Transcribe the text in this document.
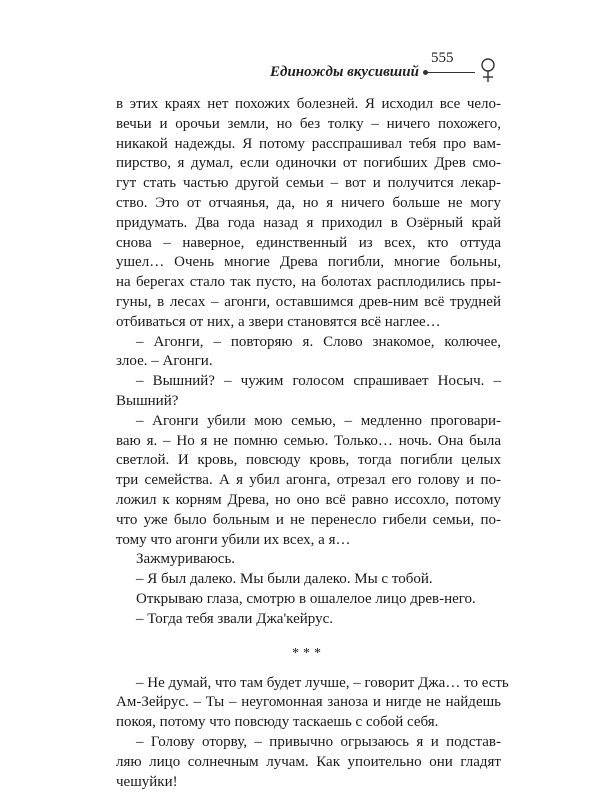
Единожды вкусивший
555
в этих краях нет похожих болезней. Я исходил все чело-
вечьи и орочьи земли, но без толку – ничего похожего,
никакой надежды. Я потому расспрашивал тебя про вам-
пирство, я думал, если одиночки от погибших Древ смо-
гут стать частью другой семьи – вот и получится лекар-
ство. Это от отчаянья, да, но я ничего больше не могу
придумать. Два года назад я приходил в Озёрный край
снова – наверное, единственный из всех, кто оттуда
ушел… Очень многие Древа погибли, многие больны,
на берегах стало так пусто, на болотах расплодились пры-
гуны, в лесах – агонги, оставшимся древ-ним всё трудней
отбиваться от них, а звери становятся всё наглее…
– Агонги, – повторяю я. Слово знакомое, колючее,
злое. – Агонги.
– Вышний? – чужим голосом спрашивает Носыч. –
Вышний?
– Агонги убили мою семью, – медленно проговари-
ваю я. – Но я не помню семью. Только… ночь. Она была
светлой. И кровь, повсюду кровь, тогда погибли целых
три семейства. А я убил агонга, отрезал его голову и по-
ложил к корням Древа, но оно всё равно иссохло, потому
что уже было больным и не перенесло гибели семьи, по-
тому что агонги убили их всех, а я…
Зажмуриваюсь.
– Я был далеко. Мы были далеко. Мы с тобой.
Открываю глаза, смотрю в ошалелое лицо древ-него.
– Тогда тебя звали Джа'кейрус.
***
– Не думай, что там будет лучше, – говорит Джа… то есть
Ам-Зейрус. – Ты – неугомонная заноза и нигде не найдешь
покоя, потому что повсюду таскаешь с собой себя.
– Голову оторву, – привычно огрызаюсь я и подстав-
ляю лицо солнечным лучам. Как упоительно они гладят
чешуйки!
